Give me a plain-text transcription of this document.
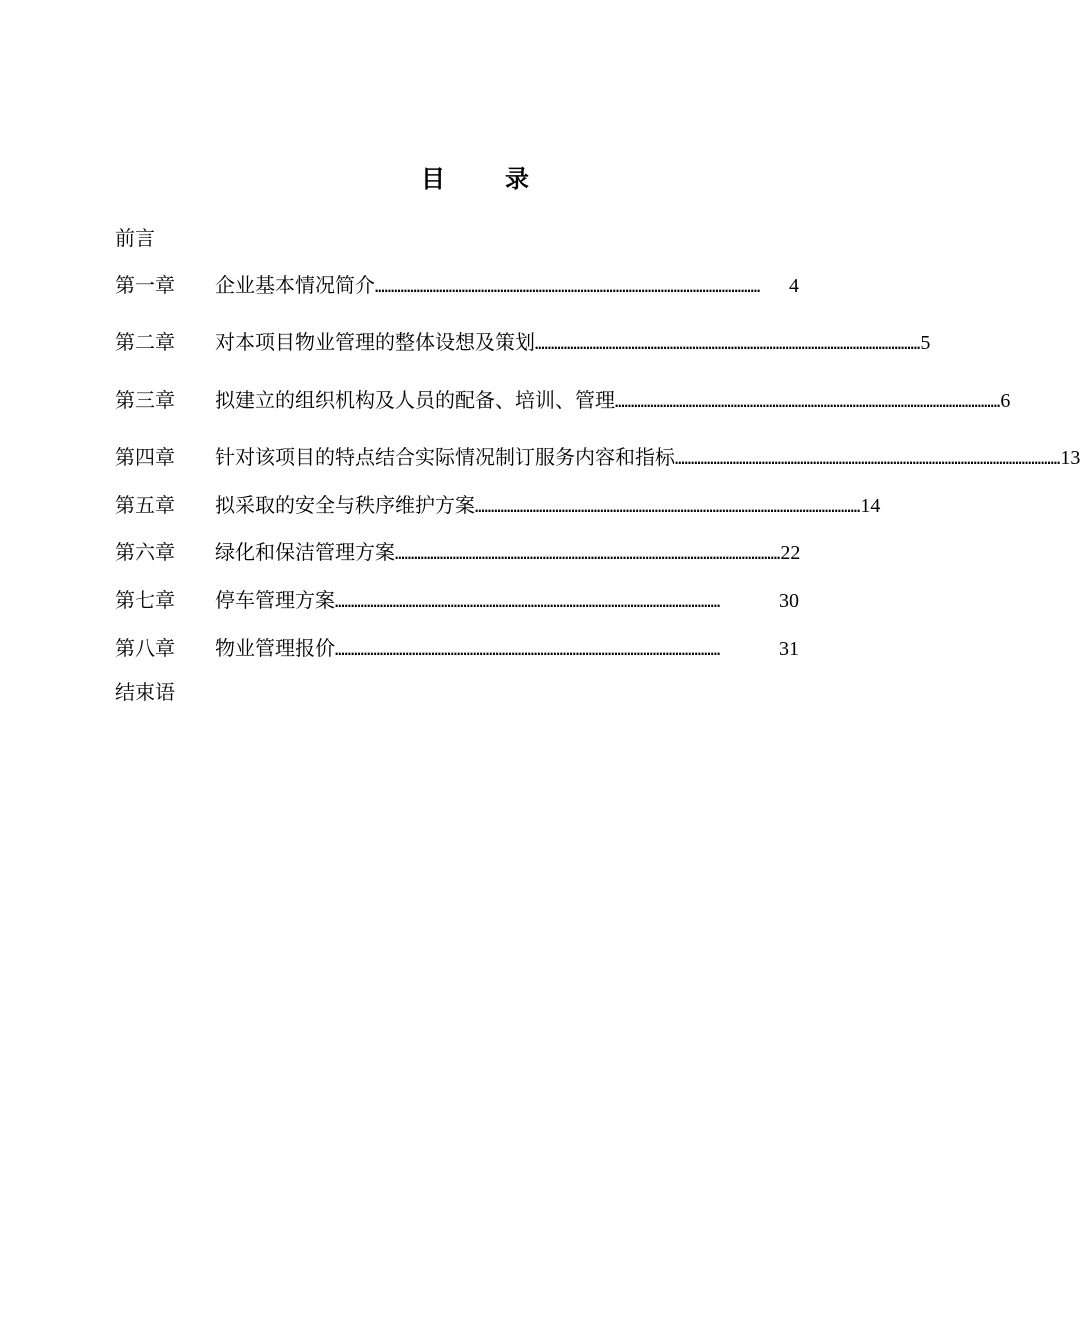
目	录
前言
第一章	企业基本情况简介 …………………………………………………………………………………………………………	4
第二章	对本项目物业管理的整体设想及策划 ………………………………………………………………………………………………………… 5
第三章	拟建立的组织机构及人员的配备、培训、管理 ………………………………………………………………………………………………………… 6
第四章	针对该项目的特点结合实际情况制订服务内容和指标 ………………………………………………………………………………………………………… 13
第五章	拟采取的安全与秩序维护方案 ………………………………………………………………………………………………………… 14
第六章	绿化和保洁管理方案 ………………………………………………………………………………………………………… 22
第七章	停车管理方案 …………………………………………………………………………………………………………	30
第八章	物业管理报价 …………………………………………………………………………………………………………	31
结束语
